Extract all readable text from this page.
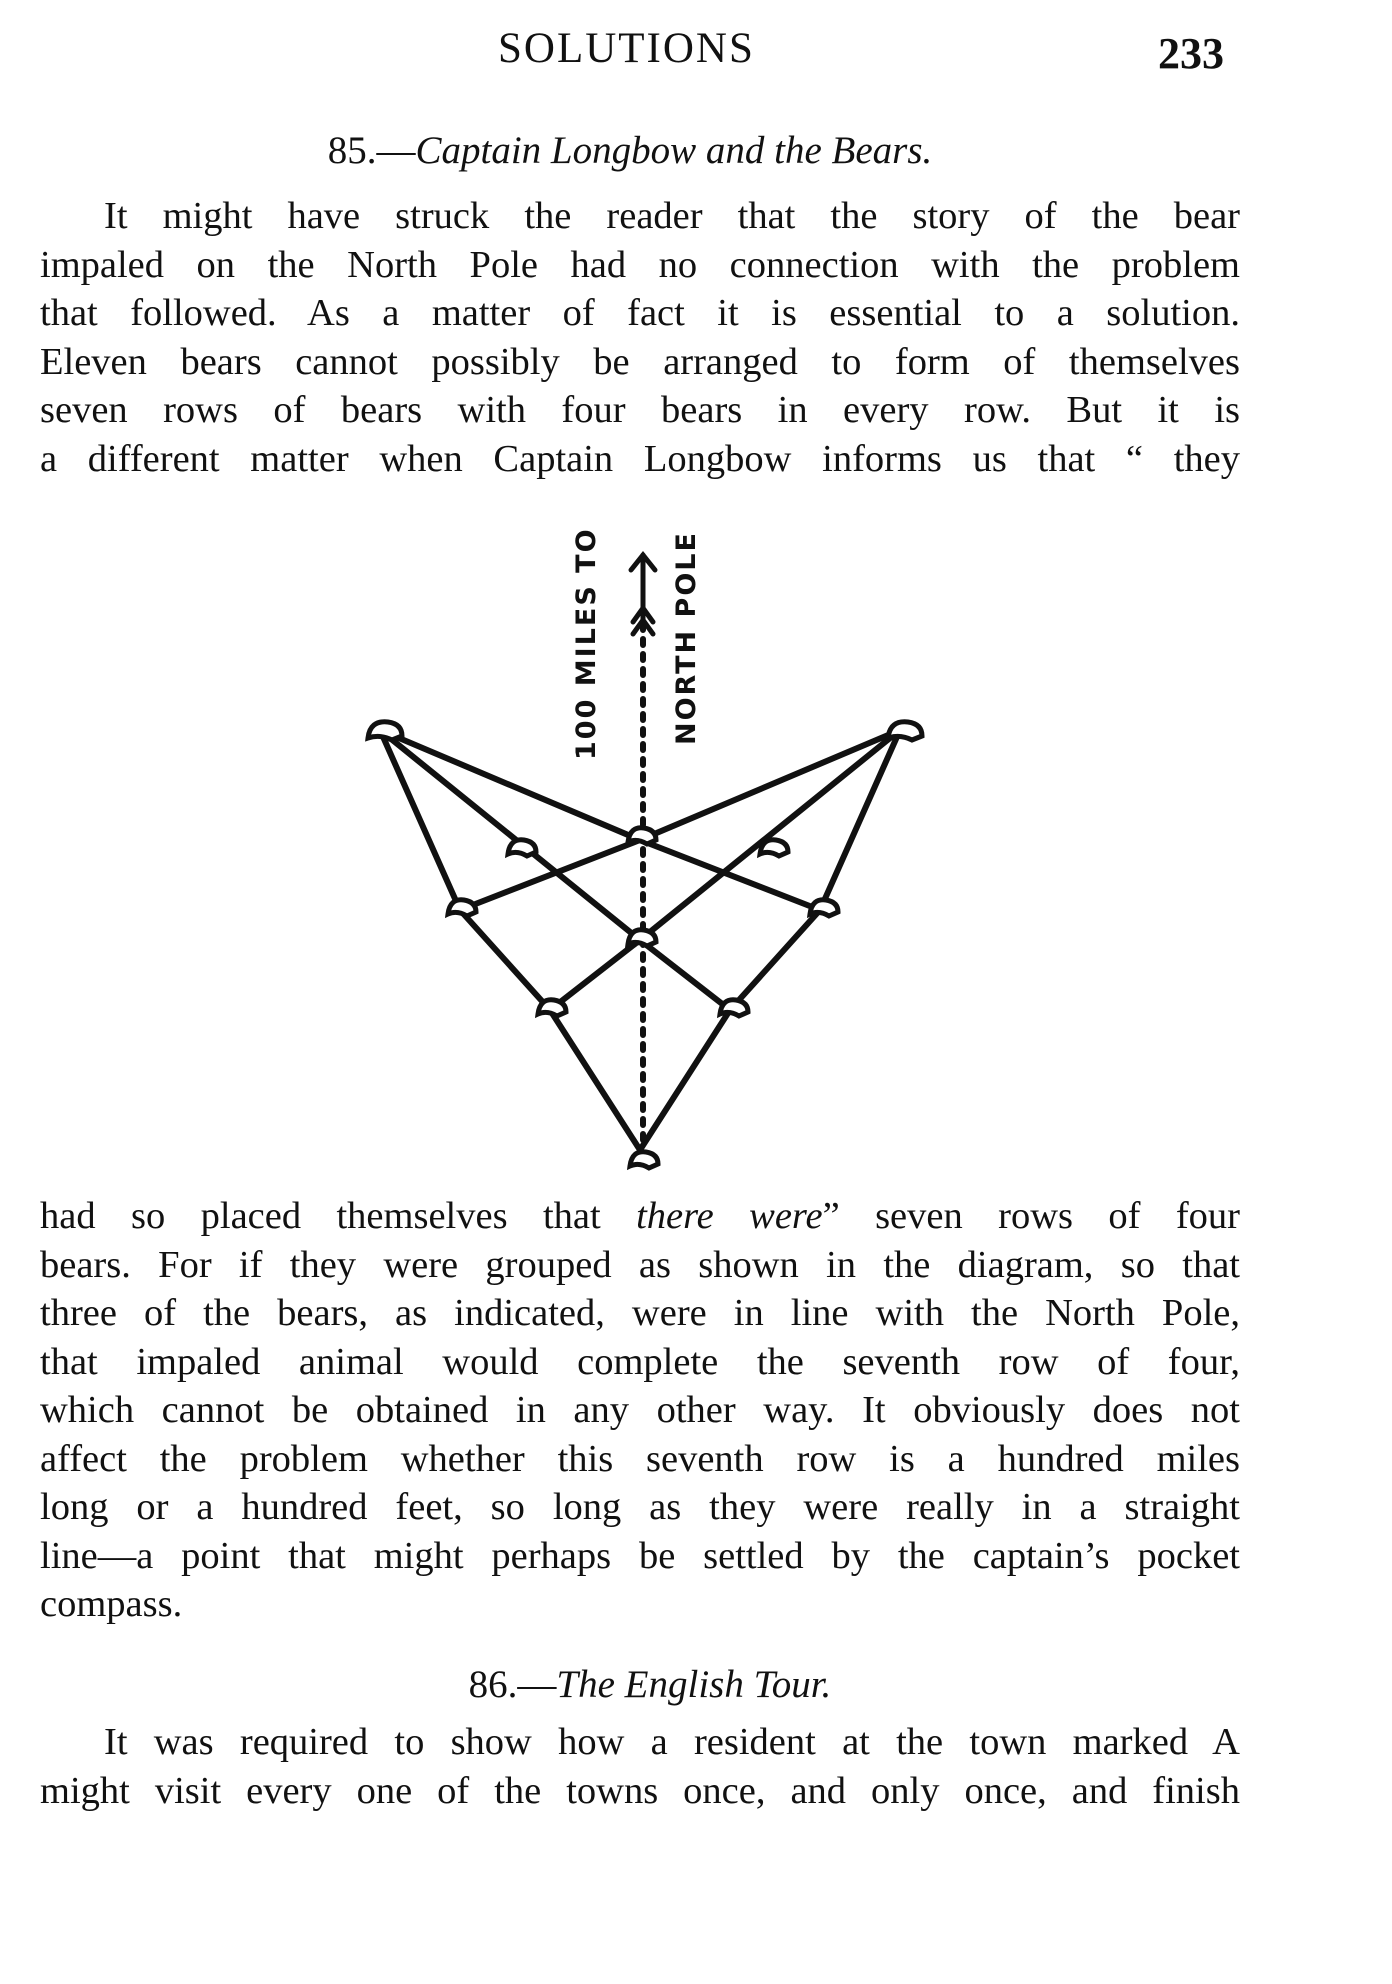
SOLUTIONS	233
85.—Captain Longbow and the Bears.
It might have struck the reader that the story of the bear
impaled on the North Pole had no connection with the problem
that followed. As a matter of fact it is essential to a solution.
Eleven bears cannot possibly be arranged to form of themselves
seven rows of bears with four bears in every row. But it is
a different matter when Captain Longbow informs us that “ they
100 MILES TO	NORTH POLE
had so placed themselves that there were” seven rows of four
bears. For if they were grouped as shown in the diagram, so that
three of the bears, as indicated, were in line with the North Pole,
that impaled animal would complete the seventh row of four,
which cannot be obtained in any other way. It obviously does not
affect the problem whether this seventh row is a hundred miles
long or a hundred feet, so long as they were really in a straight
line—a point that might perhaps be settled by the captain’s pocket
compass.
86.—The English Tour.
It was required to show how a resident at the town marked A
might visit every one of the towns once, and only once, and finish
